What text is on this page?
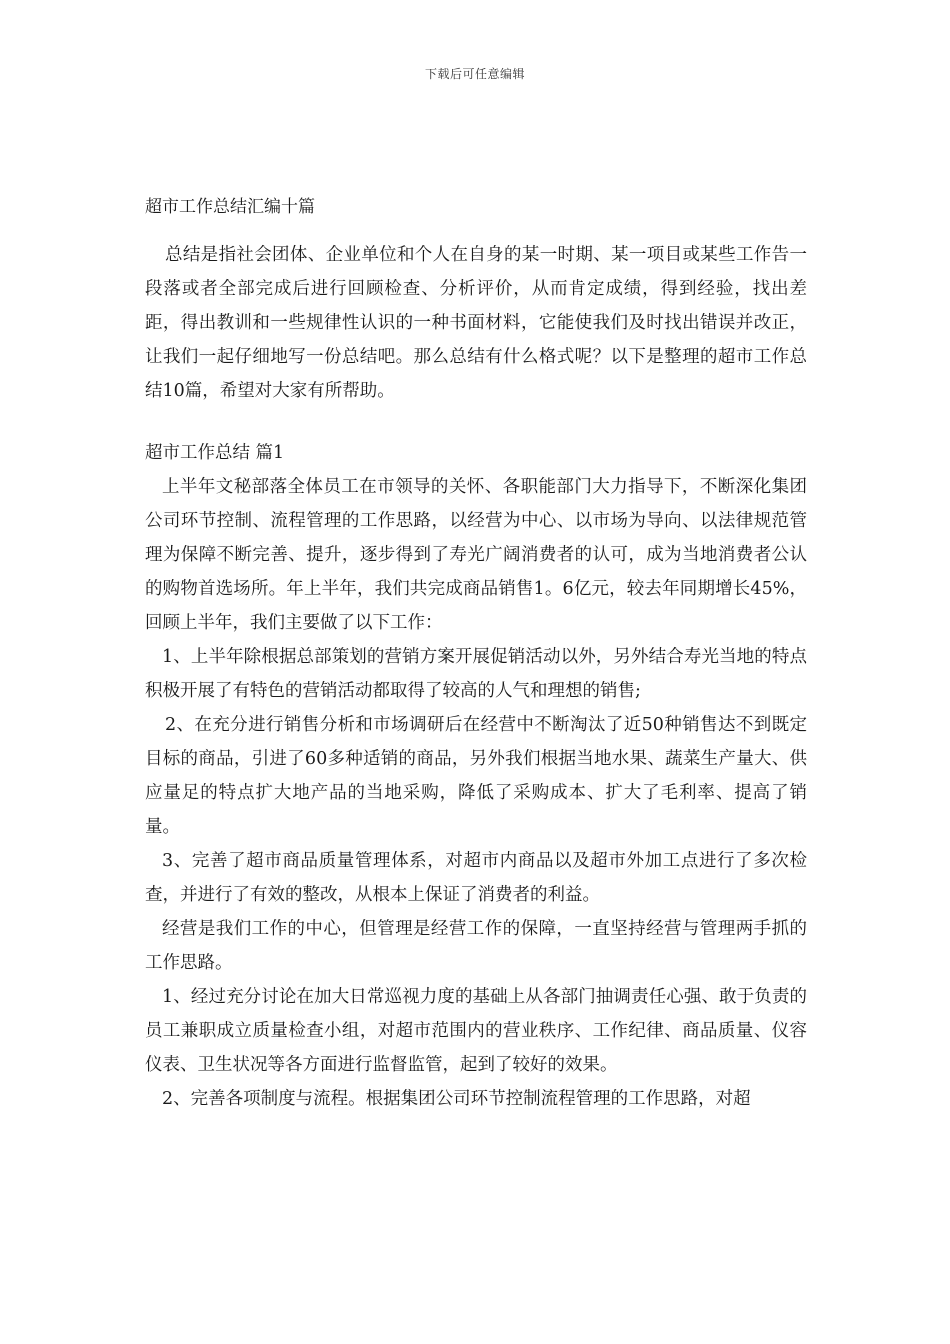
下载后可任意编辑
超市工作总结汇编十篇

总结是指社会团体、企业单位和个人在自身的某一时期、某一项目或某些工作告一段落或者全部完成后进行回顾检查、分析评价，从而肯定成绩，得到经验，找出差距，得出教训和一些规律性认识的一种书面材料，它能使我们及时找出错误并改正，让我们一起仔细地写一份总结吧。那么总结有什么格式呢？以下是整理的超市工作总结10篇，希望对大家有所帮助。

超市工作总结 篇1

上半年文秘部落全体员工在市领导的关怀、各职能部门大力指导下，不断深化集团公司环节控制、流程管理的工作思路，以经营为中心、以市场为导向、以法律规范管理为保障不断完善、提升，逐步得到了寿光广阔消费者的认可，成为当地消费者公认的购物首选场所。年上半年，我们共完成商品销售1。6亿元，较去年同期增长45%，回顾上半年，我们主要做了以下工作：

1、上半年除根据总部策划的营销方案开展促销活动以外，另外结合寿光当地的特点积极开展了有特色的营销活动都取得了较高的人气和理想的销售;

2、在充分进行销售分析和市场调研后在经营中不断淘汰了近50种销售达不到既定目标的商品，引进了60多种适销的商品，另外我们根据当地水果、蔬菜生产量大、供应量足的特点扩大地产品的当地采购，降低了采购成本、扩大了毛利率、提高了销量。

3、完善了超市商品质量管理体系，对超市内商品以及超市外加工点进行了多次检查，并进行了有效的整改，从根本上保证了消费者的利益。

经营是我们工作的中心，但管理是经营工作的保障，一直坚持经营与管理两手抓的工作思路。

1、经过充分讨论在加大日常巡视力度的基础上从各部门抽调责任心强、敢于负责的员工兼职成立质量检查小组，对超市范围内的营业秩序、工作纪律、商品质量、仪容仪表、卫生状况等各方面进行监督监管，起到了较好的效果。

2、完善各项制度与流程。根据集团公司环节控制流程管理的工作思路，对超
